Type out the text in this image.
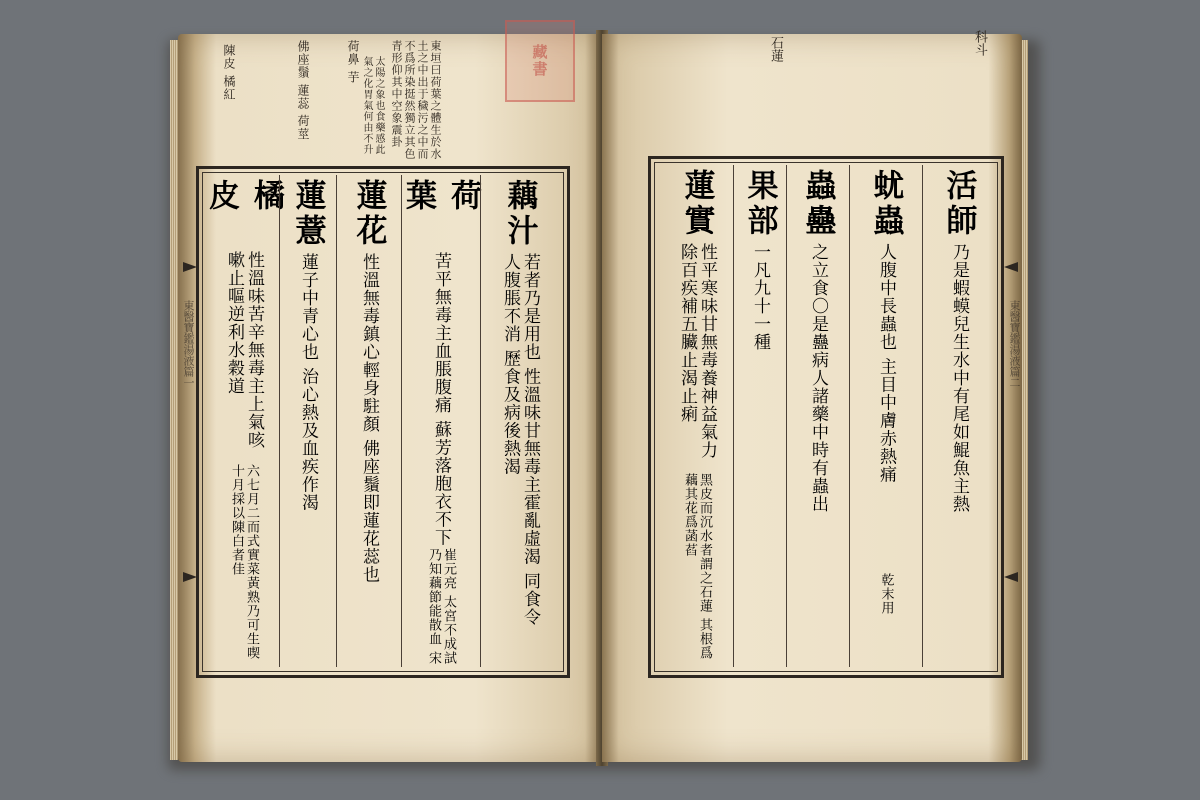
陳皮 橘紅	佛座鬚 蓮蕊 荷莖	荷鼻 芋	東垣曰荷葉之體生於水土之中出于穢污之中而不爲所染挺然獨立其色青形仰其中空象震卦
太陽之象也食藥感此氣之化胃氣何由不升	藏書
藕汁
若者乃是用也 性溫味甘無毒主霍亂虛渴 同食令人腹脹不消 歷食及病後熱渴
荷葉
苦平無毒主血脹腹痛 蘇芳落胞衣不下
崔元亮 太宮不成試乃知藕節能散血 宋
蓮花
性溫無毒鎮心輕身駐顏 佛座鬚即蓮花蕊也
蓮薏
蓮子中青心也 治心熱及血疾作渴
橘皮
性溫味苦辛無毒主上氣咳嗽止嘔逆利水穀道
六七月二而式實菜黃熟乃可生喫十月採以陳白者佳
東醫寶鑑湯液篇一
石蓮	科斗
活師
乃是蝦蟆兒生水中有尾如鯤魚主熱
蚘蟲
人腹中長蟲也 主目中膚赤熱痛
乾末用
蟲蠱
之立食〇是蠱病人諸藥中時有蟲出
果部
一凡九十一種
蓮實
性平寒味甘無毒養神益氣力除百疾補五臟止渴止痢
黑皮而沉水者謂之石蓮 其根爲藕其花爲菡萏
東醫寶鑑湯液篇二
